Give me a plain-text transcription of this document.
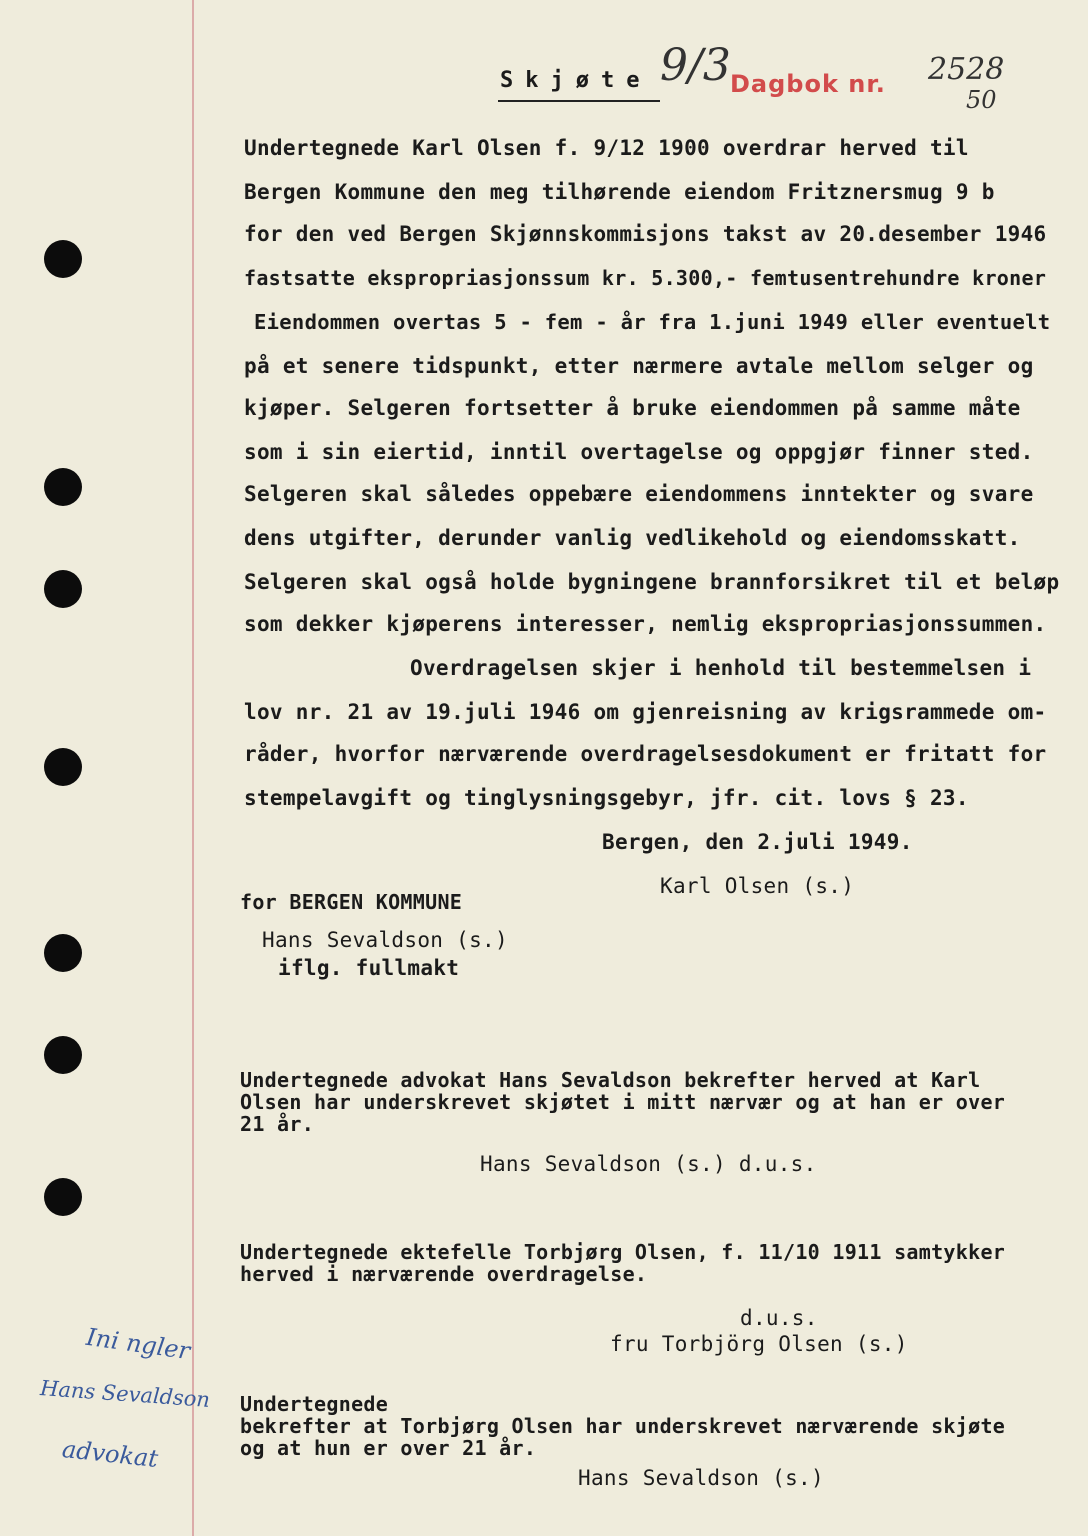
Skjøte 9/3 Dagbok nr. 2528
50
Undertegnede Karl Olsen f. 9/12 1900 overdrar herved til
Bergen Kommune den meg tilhørende eiendom Fritznersmug 9 b
for den ved Bergen Skjønnskommisjons takst av 20.desember 1946
fastsatte ekspropriasjonssum kr. 5.300,- femtusentrehundre kroner
Eiendommen overtas 5 - fem - år fra 1.juni 1949 eller eventuelt
på et senere tidspunkt, etter nærmere avtale mellom selger og
kjøper. Selgeren fortsetter å bruke eiendommen på samme måte
som i sin eiertid, inntil overtagelse og oppgjør finner sted.
Selgeren skal således oppebære eiendommens inntekter og svare
dens utgifter, derunder vanlig vedlikehold og eiendomsskatt.
Selgeren skal også holde bygningene brannforsikret til et beløp
som dekker kjøperens interesser, nemlig ekspropriasjonssummen.
Overdragelsen skjer i henhold til bestemmelsen i
lov nr. 21 av 19.juli 1946 om gjenreisning av krigsrammede om-
råder, hvorfor nærværende overdragelsesdokument er fritatt for
stempelavgift og tinglysningsgebyr, jfr. cit. lovs § 23.
Bergen, den 2.juli 1949.
Karl Olsen (s.)
for BERGEN KOMMUNE
Hans Sevaldson (s.)
iflg. fullmakt
Undertegnede advokat Hans Sevaldson bekrefter herved at Karl
Olsen har underskrevet skjøtet i mitt nærvær og at han er over
21 år.
Hans Sevaldson (s.) d.u.s.
Undertegnede ektefelle Torbjørg Olsen, f. 11/10 1911 samtykker
herved i nærværende overdragelse.
d.u.s.
fru Torbjörg Olsen (s.)
Undertegnede
bekrefter at Torbjørg Olsen har underskrevet nærværende skjøte
og at hun er over 21 år.
Hans Sevaldson (s.)
Ini ngler
Hans Sevaldson
advokat
